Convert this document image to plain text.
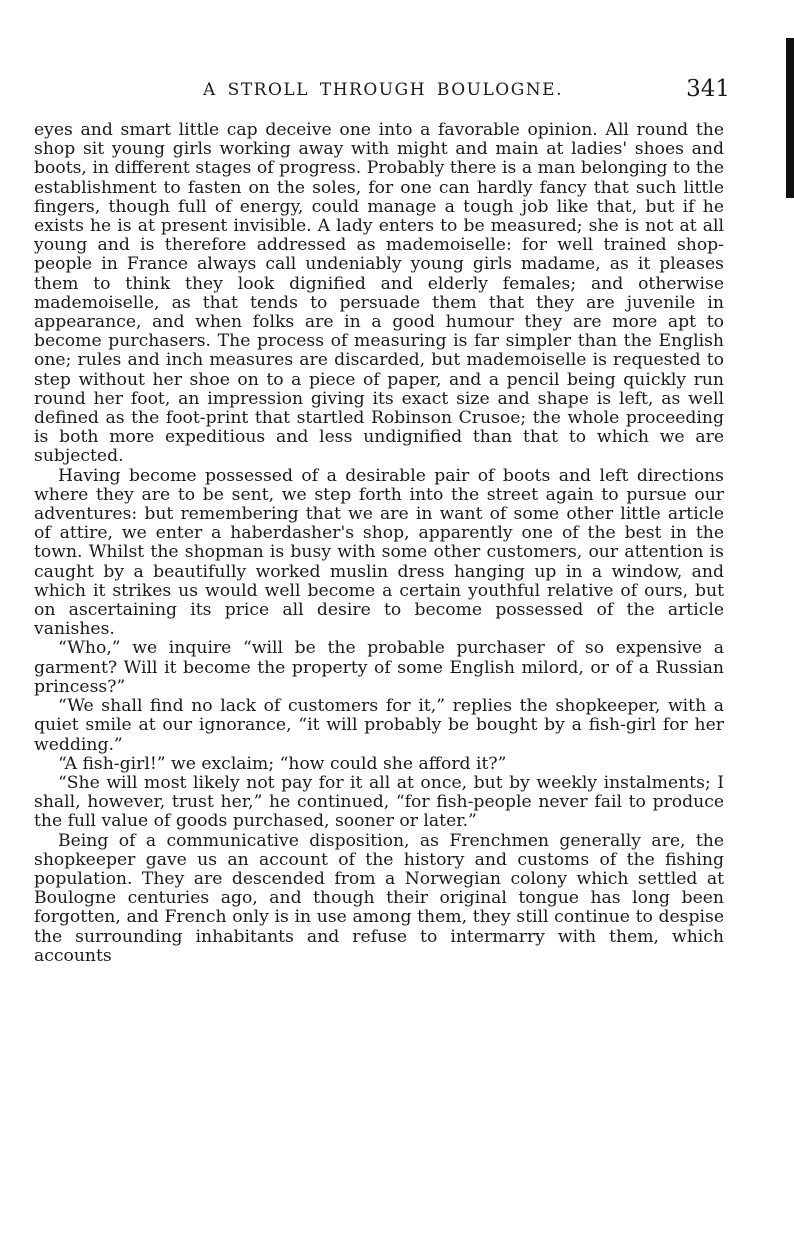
A STROLL THROUGH BOULOGNE.	341

eyes and smart little cap deceive one into a favorable opinion. All round the shop sit young girls working away with might and main at ladies' shoes and boots, in different stages of progress. Probably there is a man belonging to the establishment to fasten on the soles, for one can hardly fancy that such little fingers, though full of energy, could manage a tough job like that, but if he exists he is at present invisible. A lady enters to be measured; she is not at all young and is therefore addressed as mademoiselle: for well trained shop-people in France always call undeniably young girls madame, as it pleases them to think they look dignified and elderly females; and otherwise mademoiselle, as that tends to persuade them that they are juvenile in appearance, and when folks are in a good humour they are more apt to become purchasers. The process of measuring is far simpler than the English one; rules and inch measures are discarded, but mademoiselle is requested to step without her shoe on to a piece of paper, and a pencil being quickly run round her foot, an impression giving its exact size and shape is left, as well defined as the foot-print that startled Robinson Crusoe; the whole proceeding is both more expeditious and less undignified than that to which we are subjected.

Having become possessed of a desirable pair of boots and left directions where they are to be sent, we step forth into the street again to pursue our adventures: but remembering that we are in want of some other little article of attire, we enter a haberdasher's shop, apparently one of the best in the town. Whilst the shopman is busy with some other customers, our attention is caught by a beautifully worked muslin dress hanging up in a window, and which it strikes us would well become a certain youthful relative of ours, but on ascertaining its price all desire to become possessed of the article vanishes.

“Who,” we inquire “will be the probable purchaser of so expensive a garment? Will it become the property of some English milord, or of a Russian princess?”

“We shall find no lack of customers for it,” replies the shopkeeper, with a quiet smile at our ignorance, “it will probably be bought by a fish-girl for her wedding.”

“A fish-girl!” we exclaim; “how could she afford it?”

“She will most likely not pay for it all at once, but by weekly instalments; I shall, however, trust her,” he continued, “for fish-people never fail to produce the full value of goods purchased, sooner or later.”

Being of a communicative disposition, as Frenchmen generally are, the shopkeeper gave us an account of the history and customs of the fishing population. They are descended from a Norwegian colony which settled at Boulogne centuries ago, and though their original tongue has long been forgotten, and French only is in use among them, they still continue to despise the surrounding inhabitants and refuse to intermarry with them, which accounts
